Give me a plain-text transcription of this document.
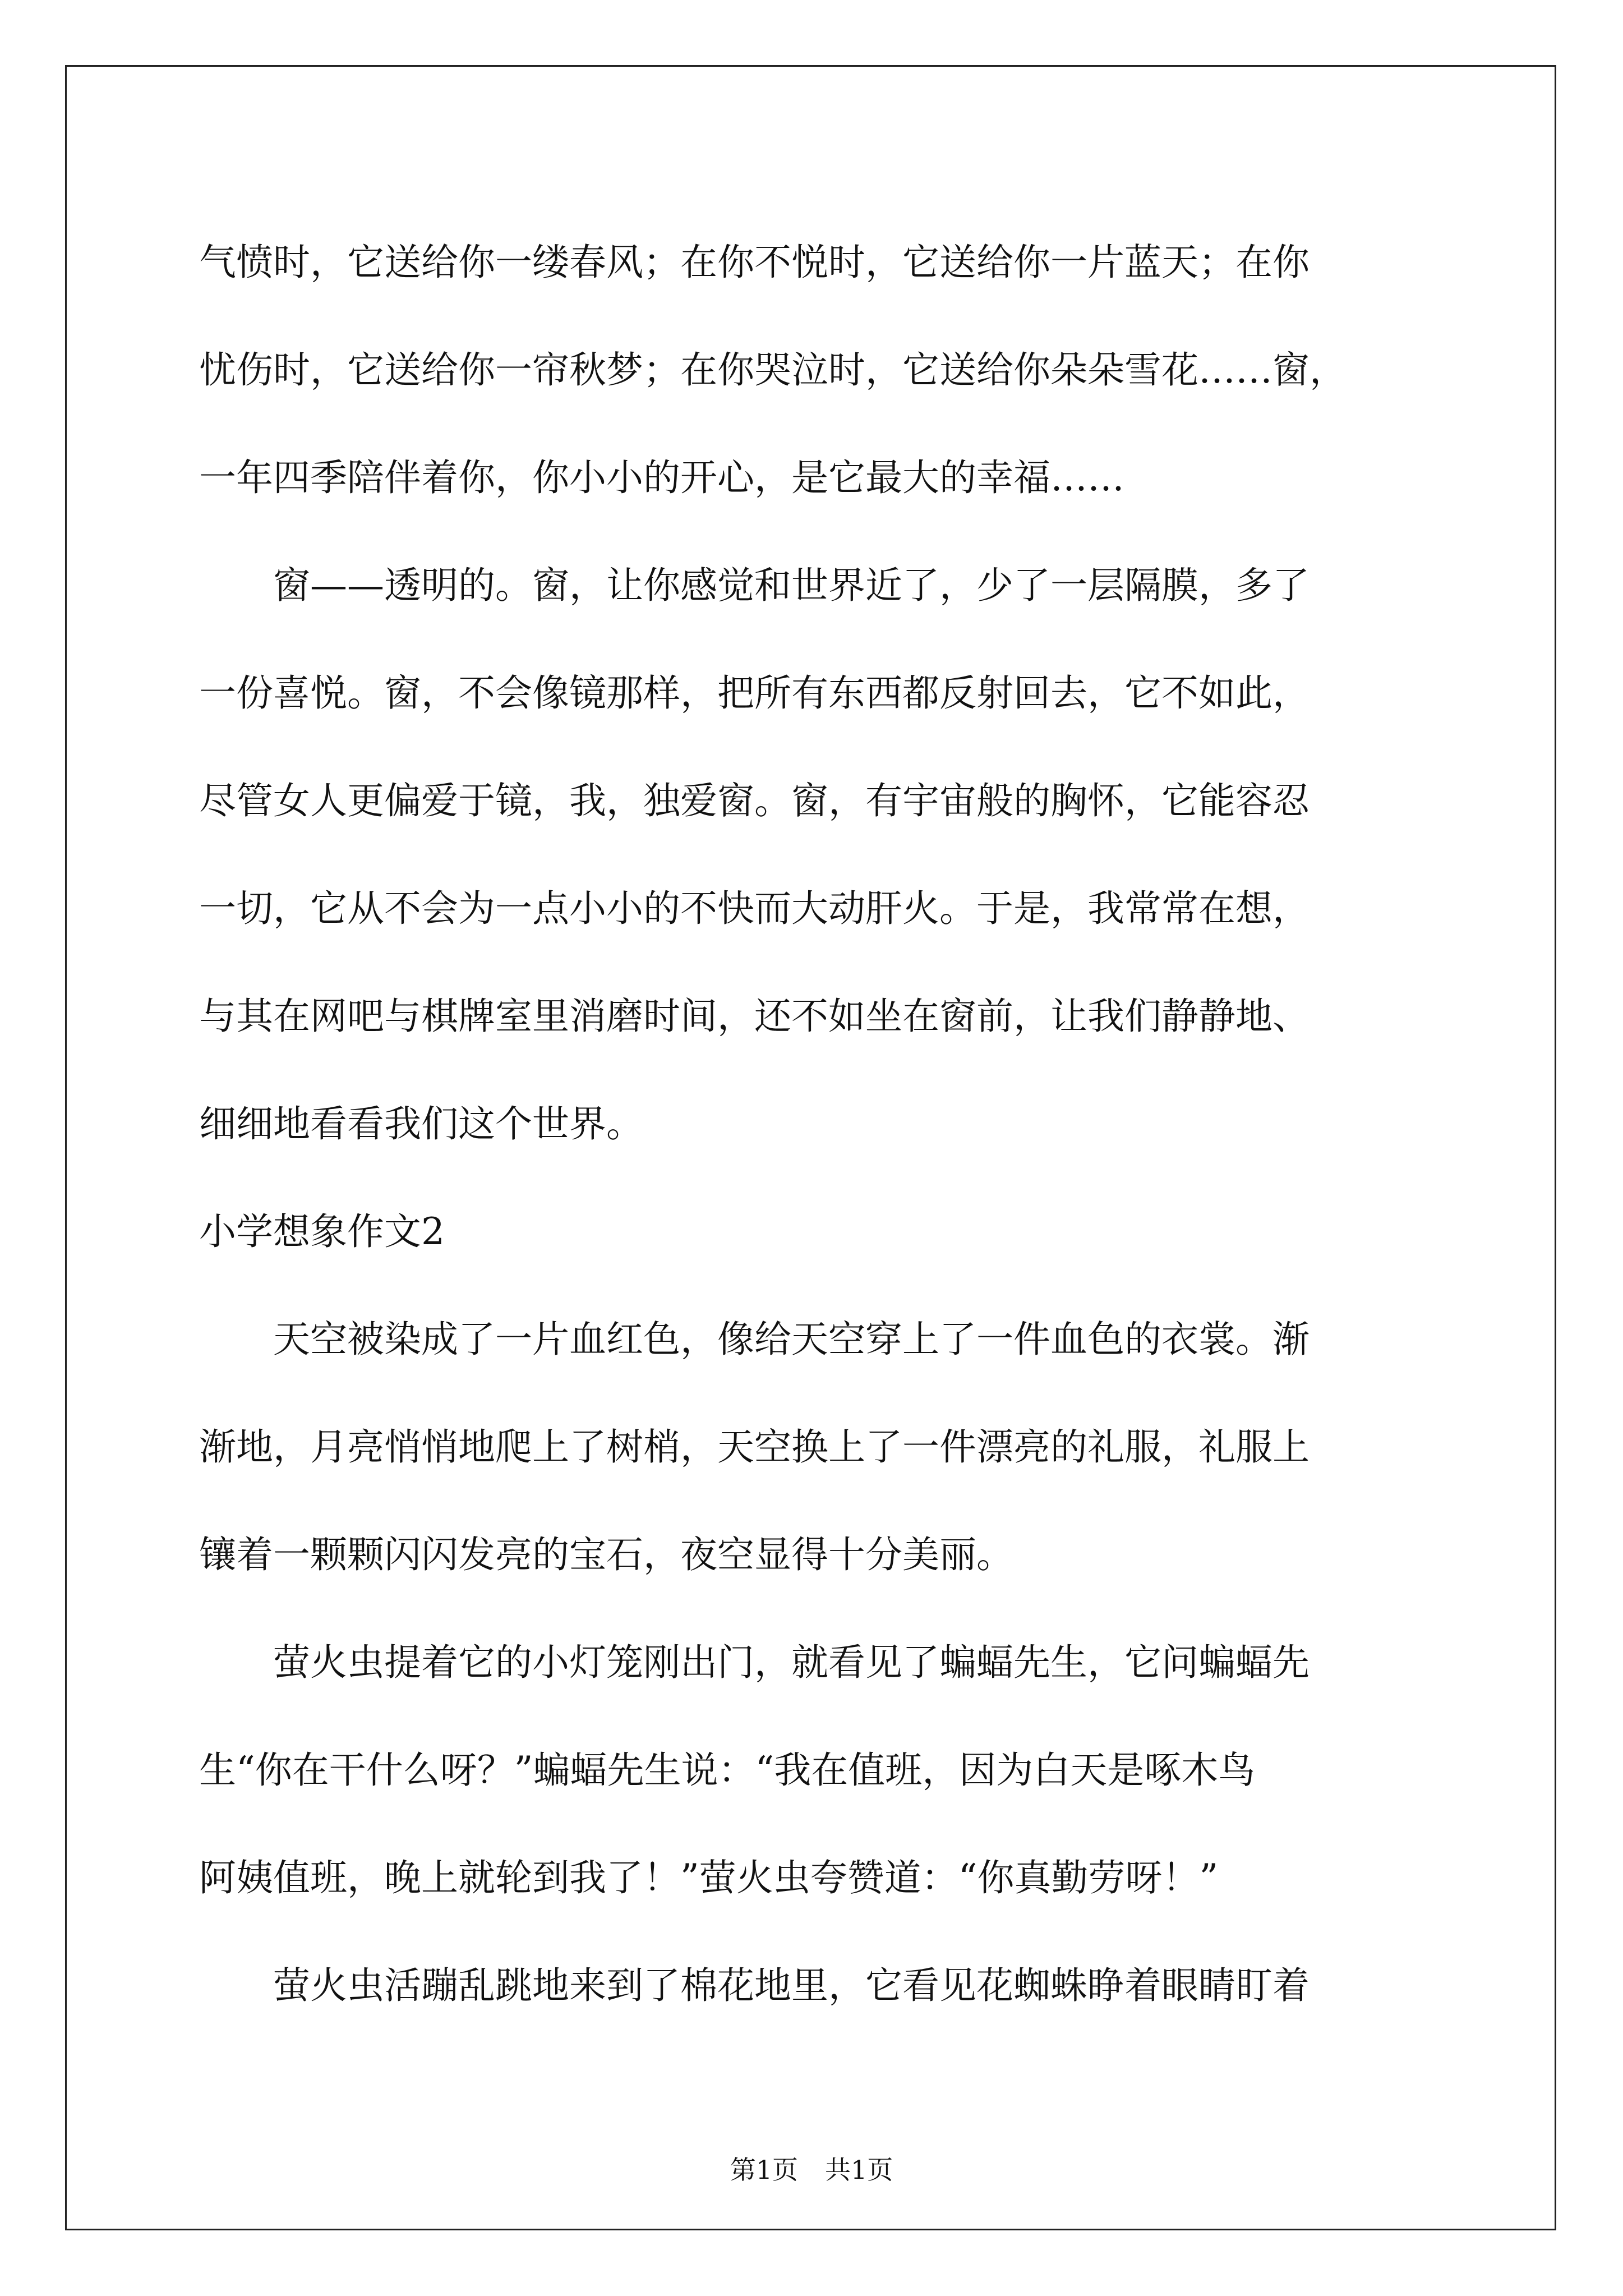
气愤时，它送给你一缕春风；在你不悦时，它送给你一片蓝天；在你
忧伤时，它送给你一帘秋梦；在你哭泣时，它送给你朵朵雪花……窗，
一年四季陪伴着你，你小小的开心，是它最大的幸福……
窗——透明的。窗，让你感觉和世界近了，少了一层隔膜，多了
一份喜悦。窗，不会像镜那样，把所有东西都反射回去，它不如此，
尽管女人更偏爱于镜，我，独爱窗。窗，有宇宙般的胸怀，它能容忍
一切，它从不会为一点小小的不快而大动肝火。于是，我常常在想，
与其在网吧与棋牌室里消磨时间，还不如坐在窗前，让我们静静地、
细细地看看我们这个世界。
小学想象作文2
天空被染成了一片血红色，像给天空穿上了一件血色的衣裳。渐
渐地，月亮悄悄地爬上了树梢，天空换上了一件漂亮的礼服，礼服上
镶着一颗颗闪闪发亮的宝石，夜空显得十分美丽。
萤火虫提着它的小灯笼刚出门，就看见了蝙蝠先生，它问蝙蝠先
生“你在干什么呀？”蝙蝠先生说：“我在值班，因为白天是啄木鸟
阿姨值班，晚上就轮到我了！”萤火虫夸赞道：“你真勤劳呀！”
萤火虫活蹦乱跳地来到了棉花地里，它看见花蜘蛛睁着眼睛盯着
第1页 共1页
